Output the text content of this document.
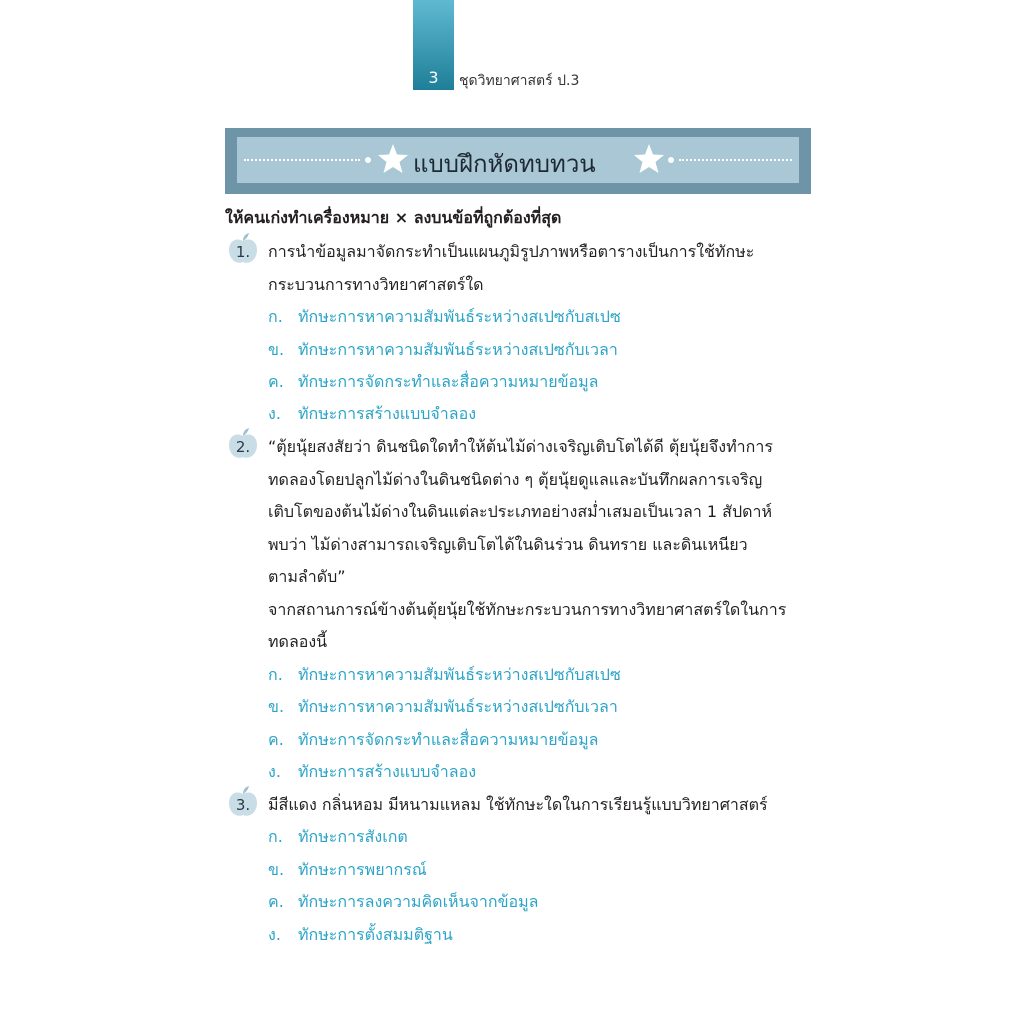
3	ชุดวิทยาศาสตร์ ป.3
แบบฝึกหัดทบทวน
ให้คนเก่งทำเครื่องหมาย × ลงบนข้อที่ถูกต้องที่สุด
1.	การนำข้อมูลมาจัดกระทำเป็นแผนภูมิรูปภาพหรือตารางเป็นการใช้ทักษะ
กระบวนการทางวิทยาศาสตร์ใด
ก. ทักษะการหาความสัมพันธ์ระหว่างสเปซกับสเปซ
ข. ทักษะการหาความสัมพันธ์ระหว่างสเปซกับเวลา
ค. ทักษะการจัดกระทำและสื่อความหมายข้อมูล
ง. ทักษะการสร้างแบบจำลอง
2.	“ตุ้ยนุ้ยสงสัยว่า ดินชนิดใดทำให้ต้นไม้ด่างเจริญเติบโตได้ดี ตุ้ยนุ้ยจึงทำการ
ทดลองโดยปลูกไม้ด่างในดินชนิดต่าง ๆ ตุ้ยนุ้ยดูแลและบันทึกผลการเจริญ
เติบโตของต้นไม้ด่างในดินแต่ละประเภทอย่างสม่ำเสมอเป็นเวลา 1 สัปดาห์
พบว่า ไม้ด่างสามารถเจริญเติบโตได้ในดินร่วน ดินทราย และดินเหนียว
ตามลำดับ”
จากสถานการณ์ข้างต้นตุ้ยนุ้ยใช้ทักษะกระบวนการทางวิทยาศาสตร์ใดในการ
ทดลองนี้
ก. ทักษะการหาความสัมพันธ์ระหว่างสเปซกับสเปซ
ข. ทักษะการหาความสัมพันธ์ระหว่างสเปซกับเวลา
ค. ทักษะการจัดกระทำและสื่อความหมายข้อมูล
ง. ทักษะการสร้างแบบจำลอง
3.	มีสีแดง กลิ่นหอม มีหนามแหลม ใช้ทักษะใดในการเรียนรู้แบบวิทยาศาสตร์
ก. ทักษะการสังเกต
ข. ทักษะการพยากรณ์
ค. ทักษะการลงความคิดเห็นจากข้อมูล
ง. ทักษะการตั้งสมมติฐาน
